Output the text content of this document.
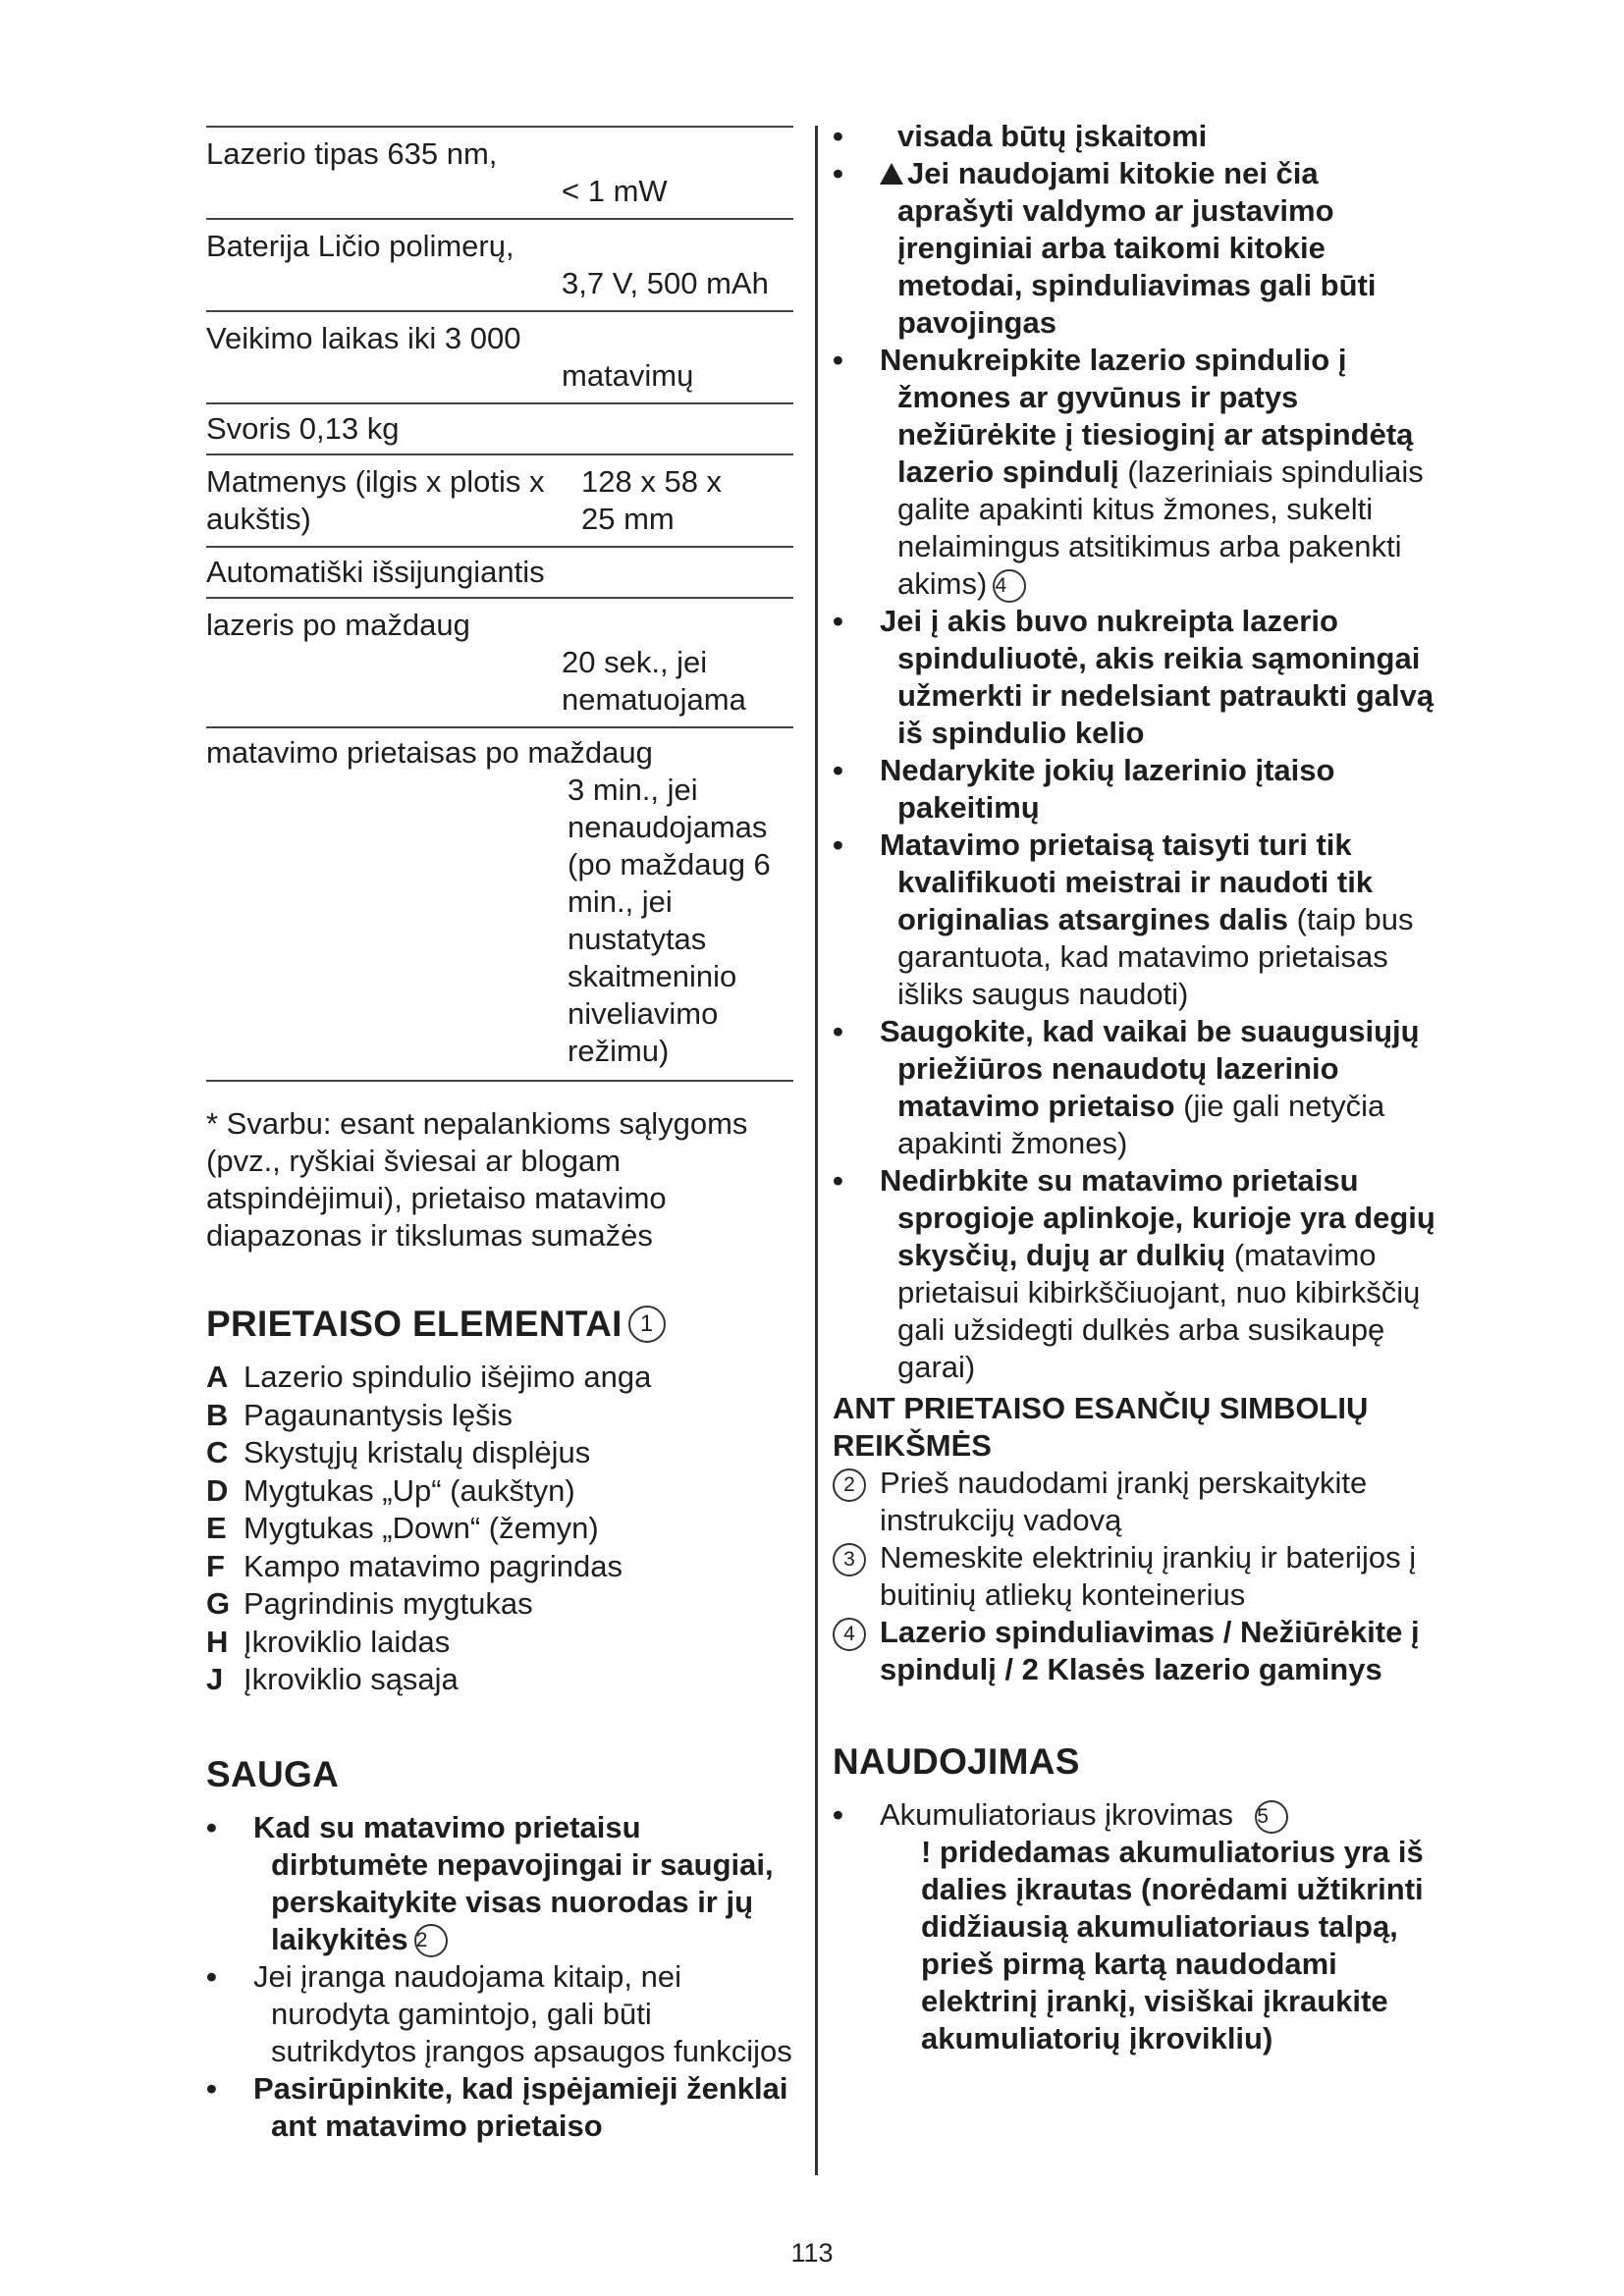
Lazerio tipas 635 nm,
< 1 mW
Baterija Ličio polimerų,
3,7 V, 500 mAh
Veikimo laikas iki 3 000
matavimų
Svoris 0,13 kg
Matmenys (ilgis x plotis x aukštis)
128 x 58 x 25 mm
Automatiški išsijungiantis
lazeris po maždaug
20 sek., jei nematuojama
matavimo prietaisas po maždaug
3 min., jei nenaudojamas (po maždaug 6 min., jei nustatytas skaitmeninio niveliavimo režimu)
* Svarbu: esant nepalankioms sąlygoms (pvz., ryškiai šviesai ar blogam atspindėjimui), prietaiso matavimo diapazonas ir tikslumas sumažės
PRIETAISO ELEMENTAI 1
A Lazerio spindulio išėjimo anga
B Pagaunantysis lęšis
C Skystųjų kristalų displėjus
D Mygtukas „Up“ (aukštyn)
E Mygtukas „Down“ (žemyn)
F Kampo matavimo pagrindas
G Pagrindinis mygtukas
H Įkroviklio laidas
J Įkroviklio sąsaja
SAUGA
• Kad su matavimo prietaisu dirbtumėte nepavojingai ir saugiai, perskaitykite visas nuorodas ir jų laikykitės 2
• Jei įranga naudojama kitaip, nei nurodyta gamintojo, gali būti sutrikdytos įrangos apsaugos funkcijos
• Pasirūpinkite, kad įspėjamieji ženklai ant matavimo prietaiso
• visada būtų įskaitomi
!• Jei naudojami kitokie nei čia aprašyti valdymo ar justavimo įrenginiai arba taikomi kitokie metodai, spinduliavimas gali būti pavojingas
• Nenukreipkite lazerio spindulio į žmones ar gyvūnus ir patys nežiūrėkite į tiesioginį ar atspindėtą lazerio spindulį (lazeriniais spinduliais galite apakinti kitus žmones, sukelti nelaimingus atsitikimus arba pakenkti akims) 4
• Jei į akis buvo nukreipta lazerio spinduliuotė, akis reikia sąmoningai užmerkti ir nedelsiant patraukti galvą iš spindulio kelio
• Nedarykite jokių lazerinio įtaiso pakeitimų
• Matavimo prietaisą taisyti turi tik kvalifikuoti meistrai ir naudoti tik originalias atsargines dalis (taip bus garantuota, kad matavimo prietaisas išliks saugus naudoti)
• Saugokite, kad vaikai be suaugusiųjų priežiūros nenaudotų lazerinio matavimo prietaiso (jie gali netyčia apakinti žmones)
• Nedirbkite su matavimo prietaisu sprogioje aplinkoje, kurioje yra degių skysčių, dujų ar dulkių (matavimo prietaisui kibirkščiuojant, nuo kibirkščių gali užsidegti dulkės arba susikaupę garai)
ANT PRIETAISO ESANČIŲ SIMBOLIŲ REIKŠMĖS
2 Prieš naudodami įrankį perskaitykite instrukcijų vadovą
3 Nemeskite elektrinių įrankių ir baterijos į buitinių atliekų konteinerius
4 Lazerio spinduliavimas / Nežiūrėkite į spindulį / 2 Klasės lazerio gaminys
NAUDOJIMAS
• Akumuliatoriaus įkrovimas 5
! pridedamas akumuliatorius yra iš dalies įkrautas (norėdami užtikrinti didžiausią akumuliatoriaus talpą, prieš pirmą kartą naudodami elektrinį įrankį, visiškai įkraukite akumuliatorių įkrovikliu)
113
